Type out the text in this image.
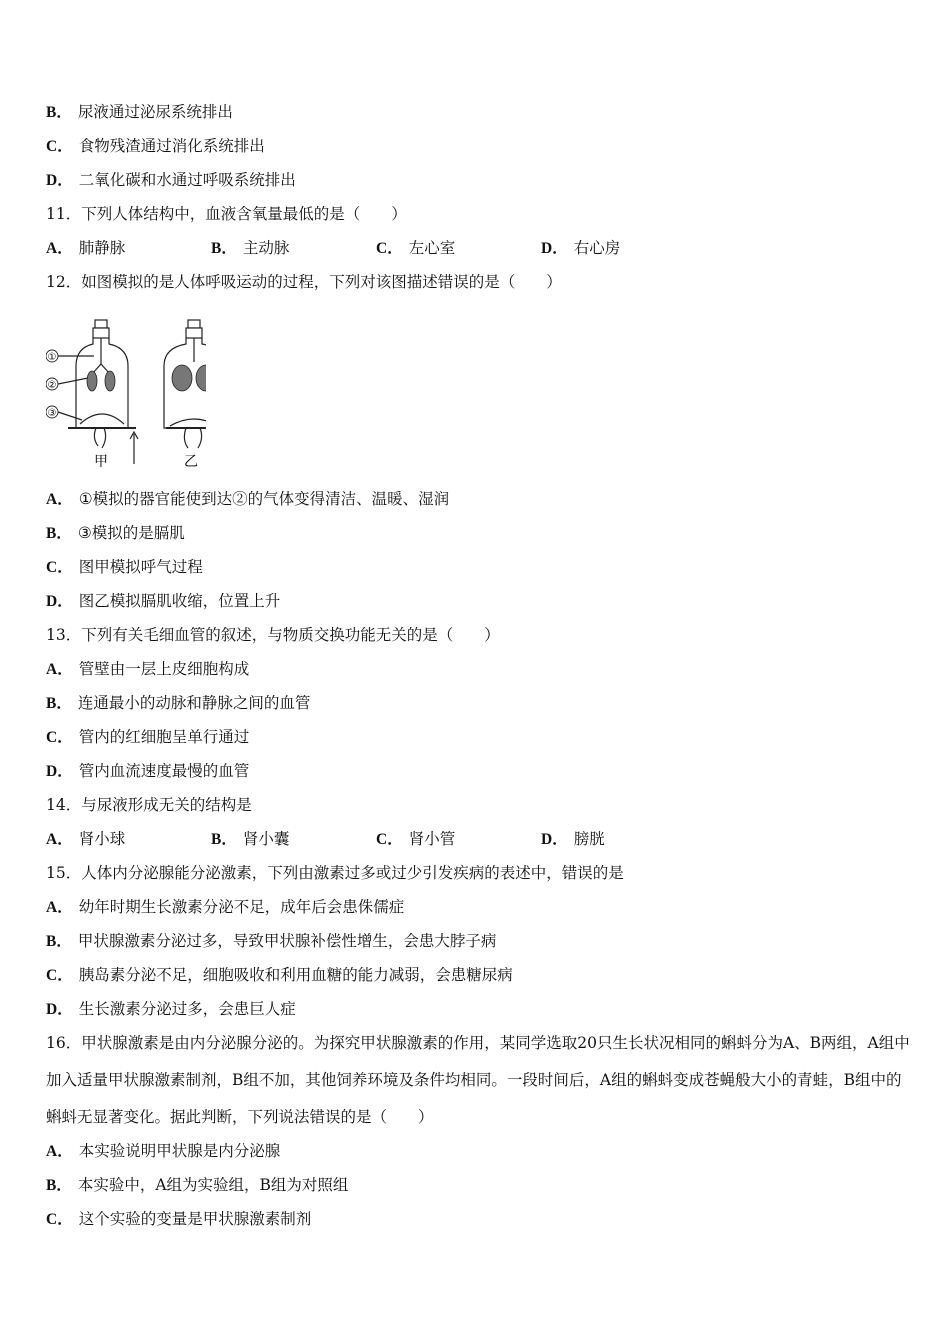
B． 尿液通过泌尿系统排出
C． 食物残渣通过消化系统排出
D． 二氧化碳和水通过呼吸系统排出
11．下列人体结构中，血液含氧量最低的是（　　）
A． 肺静脉	B． 主动脉	C． 左心室	D． 右心房
12．如图模拟的是人体呼吸运动的过程，下列对该图描述错误的是（　　）
①
②
③
甲	乙
A． ①模拟的器官能使到达②的气体变得清洁、温暖、湿润
B． ③模拟的是膈肌
C． 图甲模拟呼气过程
D． 图乙模拟膈肌收缩，位置上升
13．下列有关毛细血管的叙述，与物质交换功能无关的是（　　）
A． 管壁由一层上皮细胞构成
B． 连通最小的动脉和静脉之间的血管
C． 管内的红细胞呈单行通过
D． 管内血流速度最慢的血管
14．与尿液形成无关的结构是
A． 肾小球	B． 肾小囊	C． 肾小管	D． 膀胱
15．人体内分泌腺能分泌激素，下列由激素过多或过少引发疾病的表述中，错误的是
A． 幼年时期生长激素分泌不足，成年后会患侏儒症
B． 甲状腺激素分泌过多，导致甲状腺补偿性增生，会患大脖子病
C． 胰岛素分泌不足，细胞吸收和利用血糖的能力减弱，会患糖尿病
D． 生长激素分泌过多，会患巨人症
16．甲状腺激素是由内分泌腺分泌的。为探究甲状腺激素的作用，某同学选取20只生长状况相同的蝌蚪分为A、B两组，A组中加入适量甲状腺激素制剂，B组不加，其他饲养环境及条件均相同。一段时间后，A组的蝌蚪变成苍蝇般大小的青蛙，B组中的蝌蚪无显著变化。据此判断，下列说法错误的是（　　）
A． 本实验说明甲状腺是内分泌腺
B． 本实验中，A组为实验组，B组为对照组
C． 这个实验的变量是甲状腺激素制剂
